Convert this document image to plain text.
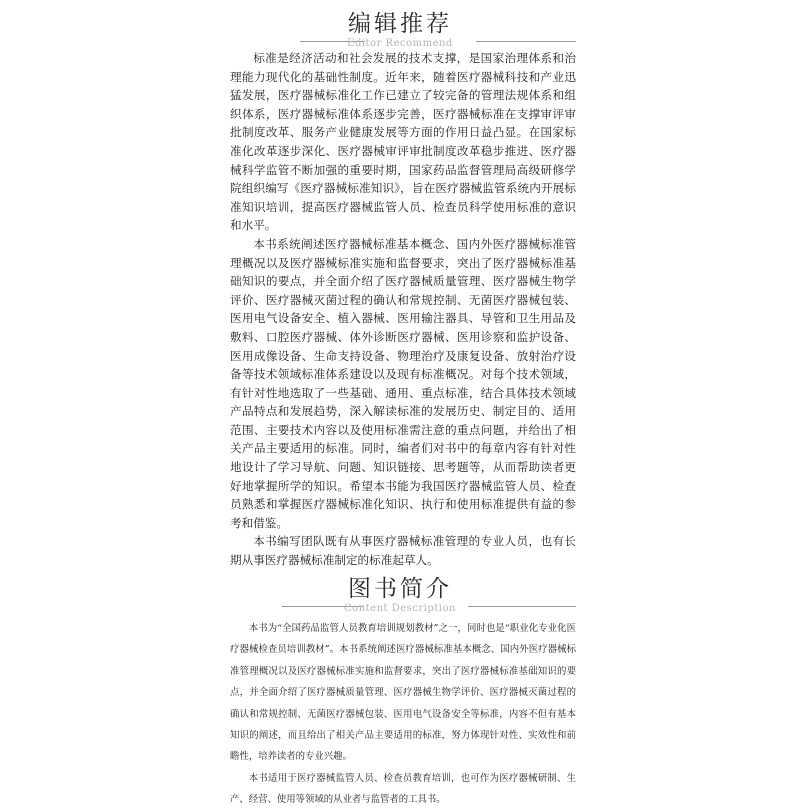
编辑推荐
Editor Recommend

标准是经济活动和社会发展的技术支撑，是国家治理体系和治理能力现代化的基础性制度。近年来，随着医疗器械科技和产业迅猛发展，医疗器械标准化工作已建立了较完备的管理法规体系和组织体系，医疗器械标准体系逐步完善，医疗器械标准在支撑审评审批制度改革、服务产业健康发展等方面的作用日益凸显。在国家标准化改革逐步深化、医疗器械审评审批制度改革稳步推进、医疗器械科学监管不断加强的重要时期，国家药品监督管理局高级研修学院组织编写《医疗器械标准知识》，旨在医疗器械监管系统内开展标准知识培训，提高医疗器械监管人员、检查员科学使用标准的意识和水平。

本书系统阐述医疗器械标准基本概念、国内外医疗器械标准管理概况以及医疗器械标准实施和监督要求，突出了医疗器械标准基础知识的要点，并全面介绍了医疗器械质量管理、医疗器械生物学评价、医疗器械灭菌过程的确认和常规控制、无菌医疗器械包装、医用电气设备安全、植入器械、医用输注器具、导管和卫生用品及敷料、口腔医疗器械、体外诊断医疗器械、医用诊察和监护设备、医用成像设备、生命支持设备、物理治疗及康复设备、放射治疗设备等技术领域标准体系建设以及现有标准概况。对每个技术领域，有针对性地选取了一些基础、通用、重点标准，结合具体技术领域产品特点和发展趋势，深入解读标准的发展历史、制定目的、适用范围、主要技术内容以及使用标准需注意的重点问题，并给出了相关产品主要适用的标准。同时，编者们对书中的每章内容有针对性地设计了学习导航、问题、知识链接、思考题等，从而帮助读者更好地掌握所学的知识。希望本书能为我国医疗器械监管人员、检查员熟悉和掌握医疗器械标准化知识、执行和使用标准提供有益的参考和借鉴。

本书编写团队既有从事医疗器械标准管理的专业人员，也有长期从事医疗器械标准制定的标准起草人。

图书简介
Content Description

本书为“全国药品监管人员教育培训规划教材”之一，同时也是“职业化专业化医疗器械检查员培训教材”。本书系统阐述医疗器械标准基本概念、国内外医疗器械标准管理概况以及医疗器械标准实施和监督要求，突出了医疗器械标准基础知识的要点，并全面介绍了医疗器械质量管理、医疗器械生物学评价、医疗器械灭菌过程的确认和常规控制、无菌医疗器械包装、医用电气设备安全等标准，内容不但有基本知识的阐述，而且给出了相关产品主要适用的标准，努力体现针对性、实效性和前瞻性，培养读者的专业兴趣。

本书适用于医疗器械监管人员、检查员教育培训，也可作为医疗器械研制、生产、经营、使用等领域的从业者与监管者的工具书。
